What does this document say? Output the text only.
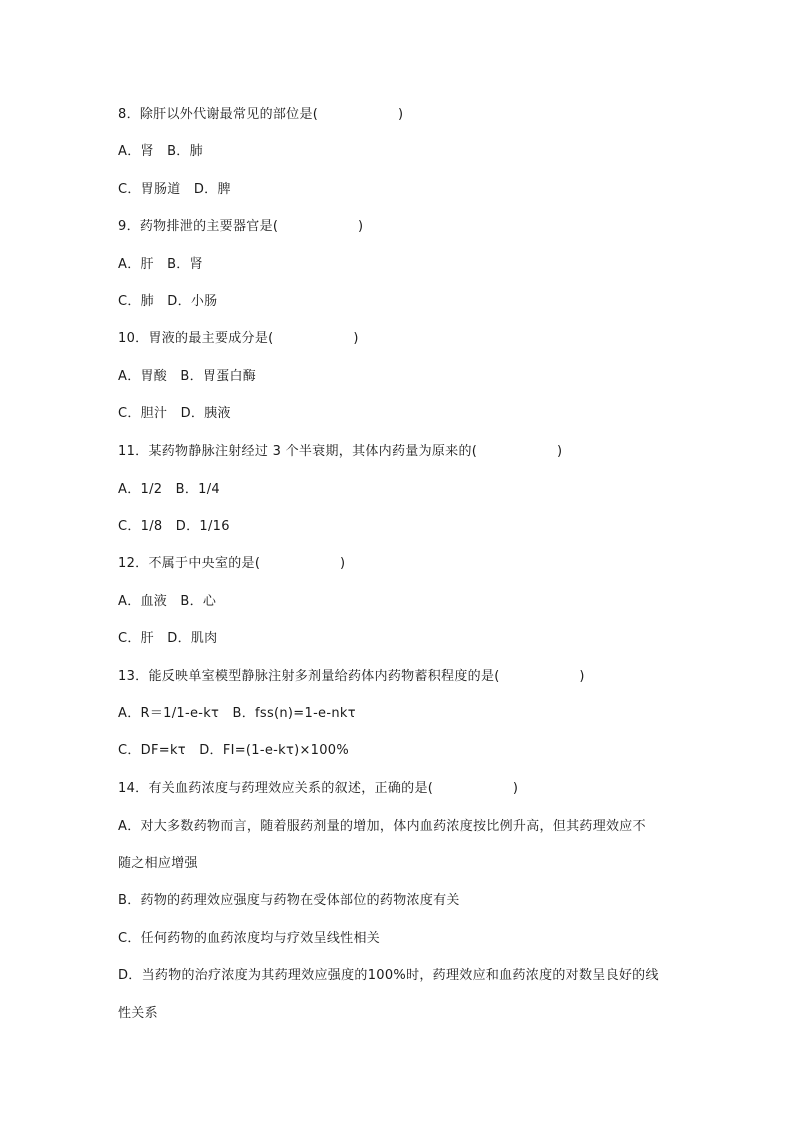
8．除肝以外代谢最常见的部位是(　　　　　　)
A．肾　B．肺
C．胃肠道　D．脾
9．药物排泄的主要器官是(　　　　　　)
A．肝　B．肾
C．肺　D．小肠
10．胃液的最主要成分是(　　　　　　)
A．胃酸　B．胃蛋白酶
C．胆汁　D．胰液
11．某药物静脉注射经过 3 个半衰期，其体内药量为原来的(　　　　　　)
A．1/2　B．1/4
C．1/8　D．1/16
12．不属于中央室的是(　　　　　　)
A．血液　B．心
C．肝　D．肌肉
13．能反映单室模型静脉注射多剂量给药体内药物蓄积程度的是(　　　　　　)
A．R＝1/1-e-kτ　B．fss(n)=1-e-nkτ
C．DF=kτ　D．FI=(1-e-kτ)×100%
14．有关血药浓度与药理效应关系的叙述，正确的是(　　　　　　)
A．对大多数药物而言，随着服药剂量的增加，体内血药浓度按比例升高，但其药理效应不
随之相应增强
B．药物的药理效应强度与药物在受体部位的药物浓度有关
C．任何药物的血药浓度均与疗效呈线性相关
D．当药物的治疗浓度为其药理效应强度的100%时，药理效应和血药浓度的对数呈良好的线
性关系
